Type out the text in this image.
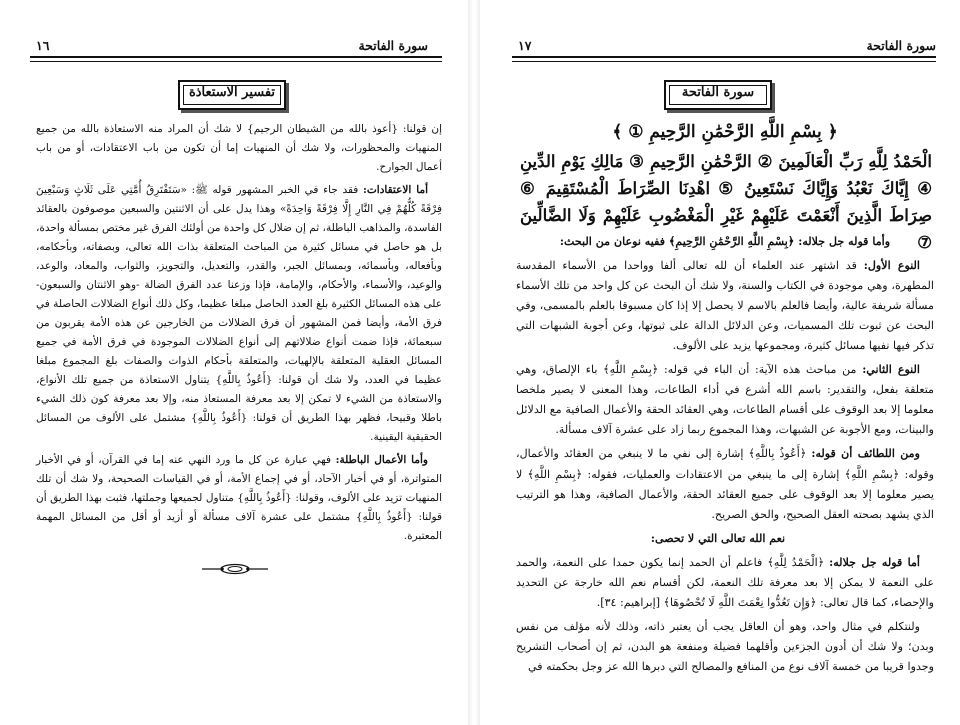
سورة الفاتحة
١٦
تفسير الاستعاذة

إن قولنا: {أعوذ بالله من الشيطان الرجيم} لا شك أن المراد منه الاستعاذة بالله من جميع المنهيات والمحظورات، ولا شك أن المنهيات إما أن تكون من باب الاعتقادات، أو من باب أعمال الجوارح.

أما الاعتقادات: فقد جاء في الخبر المشهور قوله ﷺ: «سَتَفْتَرِقُ أُمَّتِي عَلَى ثَلَاثٍ وَسَبْعِينَ فِرْقَةً كُلُّهُمْ فِي النَّارِ إِلَّا فِرْقَةً وَاحِدَةً» وهذا يدل على أن الاثنتين والسبعين موصوفون بالعقائد الفاسدة، والمذاهب الباطلة، ثم إن ضلال كل واحدة من أولئك الفرق غير مختص بمسألة واحدة، بل هو حاصل في مسائل كثيرة من المباحث المتعلقة بذات الله تعالى، وبصفاته، وبأحكامه، وبأفعاله، وبأسمائه، وبمسائل الجبر، والقدر، والتعديل، والتجويز، والثواب، والمعاد، والوعد، والوعيد، والأسماء، والأحكام، والإمامة، فإذا وزعنا عدد الفرق الضالة -وهو الاثنتان والسبعون- على هذه المسائل الكثيرة بلغ العدد الحاصل مبلغا عظيما، وكل ذلك أنواع الضلالات الحاصلة في فرق الأمة، وأيضا فمن المشهور أن فرق الضلالات من الخارجين عن هذه الأمة يقربون من سبعمائة، فإذا ضمت أنواع ضلالاتهم إلى أنواع الضلالات الموجودة في فرق الأمة في جميع المسائل العقلية المتعلقة بالإلهيات، والمتعلقة بأحكام الذوات والصفات بلغ المجموع مبلغا عظيما في العدد، ولا شك أن قولنا: {أَعُوذُ بِاللَّهِ} يتناول الاستعاذة من جميع تلك الأنواع، والاستعاذة من الشيء لا تمكن إلا بعد معرفة المستعاذ منه، وإلا بعد معرفة كون ذلك الشيء باطلا وقبيحا، فظهر بهذا الطريق أن قولنا: {أَعُوذُ بِاللَّهِ} مشتمل على الألوف من المسائل الحقيقية اليقينية.

وأما الأعمال الباطلة: فهي عبارة عن كل ما ورد النهي عنه إما في القرآن، أو في الأخبار المتواترة، أو في أخبار الآحاد، أو في إجماع الأمة، أو في القياسات الصحيحة، ولا شك أن تلك المنهيات تزيد على الألوف، وقولنا: {أَعُوذُ بِاللَّهِ} متناول لجميعها وجملتها، فثبت بهذا الطريق أن قولنا: {أَعُوذُ بِاللَّهِ} مشتمل على عشرة آلاف مسألة أو أزيد أو أقل من المسائل المهمة المعتبرة.

سورة الفاتحة
١٧
سورة الفاتحة
﴿ بِسْمِ اللَّهِ الرَّحْمَٰنِ الرَّحِيمِ ① ﴾
الْحَمْدُ لِلَّهِ رَبِّ الْعَالَمِينَ ② الرَّحْمَٰنِ الرَّحِيمِ ③ مَالِكِ يَوْمِ الدِّينِ ④ إِيَّاكَ نَعْبُدُ وَإِيَّاكَ نَسْتَعِينُ ⑤ اهْدِنَا الصِّرَاطَ الْمُسْتَقِيمَ ⑥ صِرَاطَ الَّذِينَ أَنْعَمْتَ عَلَيْهِمْ غَيْرِ الْمَغْضُوبِ عَلَيْهِمْ وَلَا الضَّالِّينَ ⑦

وأما قوله جل جلاله: ﴿بِسْمِ اللَّهِ الرَّحْمَٰنِ الرَّحِيمِ﴾ ففيه نوعان من البحث:

النوع الأول: قد اشتهر عند العلماء أن لله تعالى ألفا وواحدا من الأسماء المقدسة المطهرة، وهي موجودة في الكتاب والسنة، ولا شك أن البحث عن كل واحد من تلك الأسماء مسألة شريفة عالية، وأيضا فالعلم بالاسم لا يحصل إلا إذا كان مسبوقا بالعلم بالمسمى، وفي البحث عن ثبوت تلك المسميات، وعن الدلائل الدالة على ثبوتها، وعن أجوبة الشبهات التي تذكر فيها نفيها مسائل كثيرة، ومجموعها يزيد على الألوف.

النوع الثاني: من مباحث هذه الآية: أن الباء في قوله: ﴿بِسْمِ اللَّهِ﴾ باء الإلصاق، وهي متعلقة بفعل، والتقدير: باسم الله أشرع في أداء الطاعات، وهذا المعنى لا يصير ملخصا معلوما إلا بعد الوقوف على أقسام الطاعات، وهي العقائد الحقة والأعمال الصافية مع الدلائل والبينات، ومع الأجوبة عن الشبهات، وهذا المجموع ربما زاد على عشرة آلاف مسألة.

ومن اللطائف أن قوله: ﴿أَعُوذُ بِاللَّهِ﴾ إشارة إلى نفي ما لا ينبغي من العقائد والأعمال، وقوله: ﴿بِسْمِ اللَّهِ﴾ إشارة إلى ما ينبغي من الاعتقادات والعمليات، فقوله: ﴿بِسْمِ اللَّهِ﴾ لا يصير معلوما إلا بعد الوقوف على جميع العقائد الحقة، والأعمال الصافية، وهذا هو الترتيب الذي يشهد بصحته العقل الصحيح، والحق الصريح.

نعم الله تعالى التي لا تحصى:

أما قوله جل جلاله: ﴿الْحَمْدُ لِلَّهِ﴾ فاعلم أن الحمد إنما يكون حمدا على النعمة، والحمد على النعمة لا يمكن إلا بعد معرفة تلك النعمة، لكن أقسام نعم الله خارجة عن التحديد والإحصاء، كما قال تعالى: ﴿وَإِن تَعُدُّوا نِعْمَتَ اللَّهِ لَا تُحْصُوهَا﴾ [إبراهيم: ٣٤].

ولنتكلم في مثال واحد، وهو أن العاقل يجب أن يعتبر ذاته، وذلك لأنه مؤلف من نفس وبدن؛ ولا شك أن أدون الجزءين وأقلهما فضيلة ومنفعة هو البدن، ثم إن أصحاب التشريح وجدوا قريبا من خمسة آلاف نوع من المنافع والمصالح التي دبرها الله عز وجل بحكمته في
